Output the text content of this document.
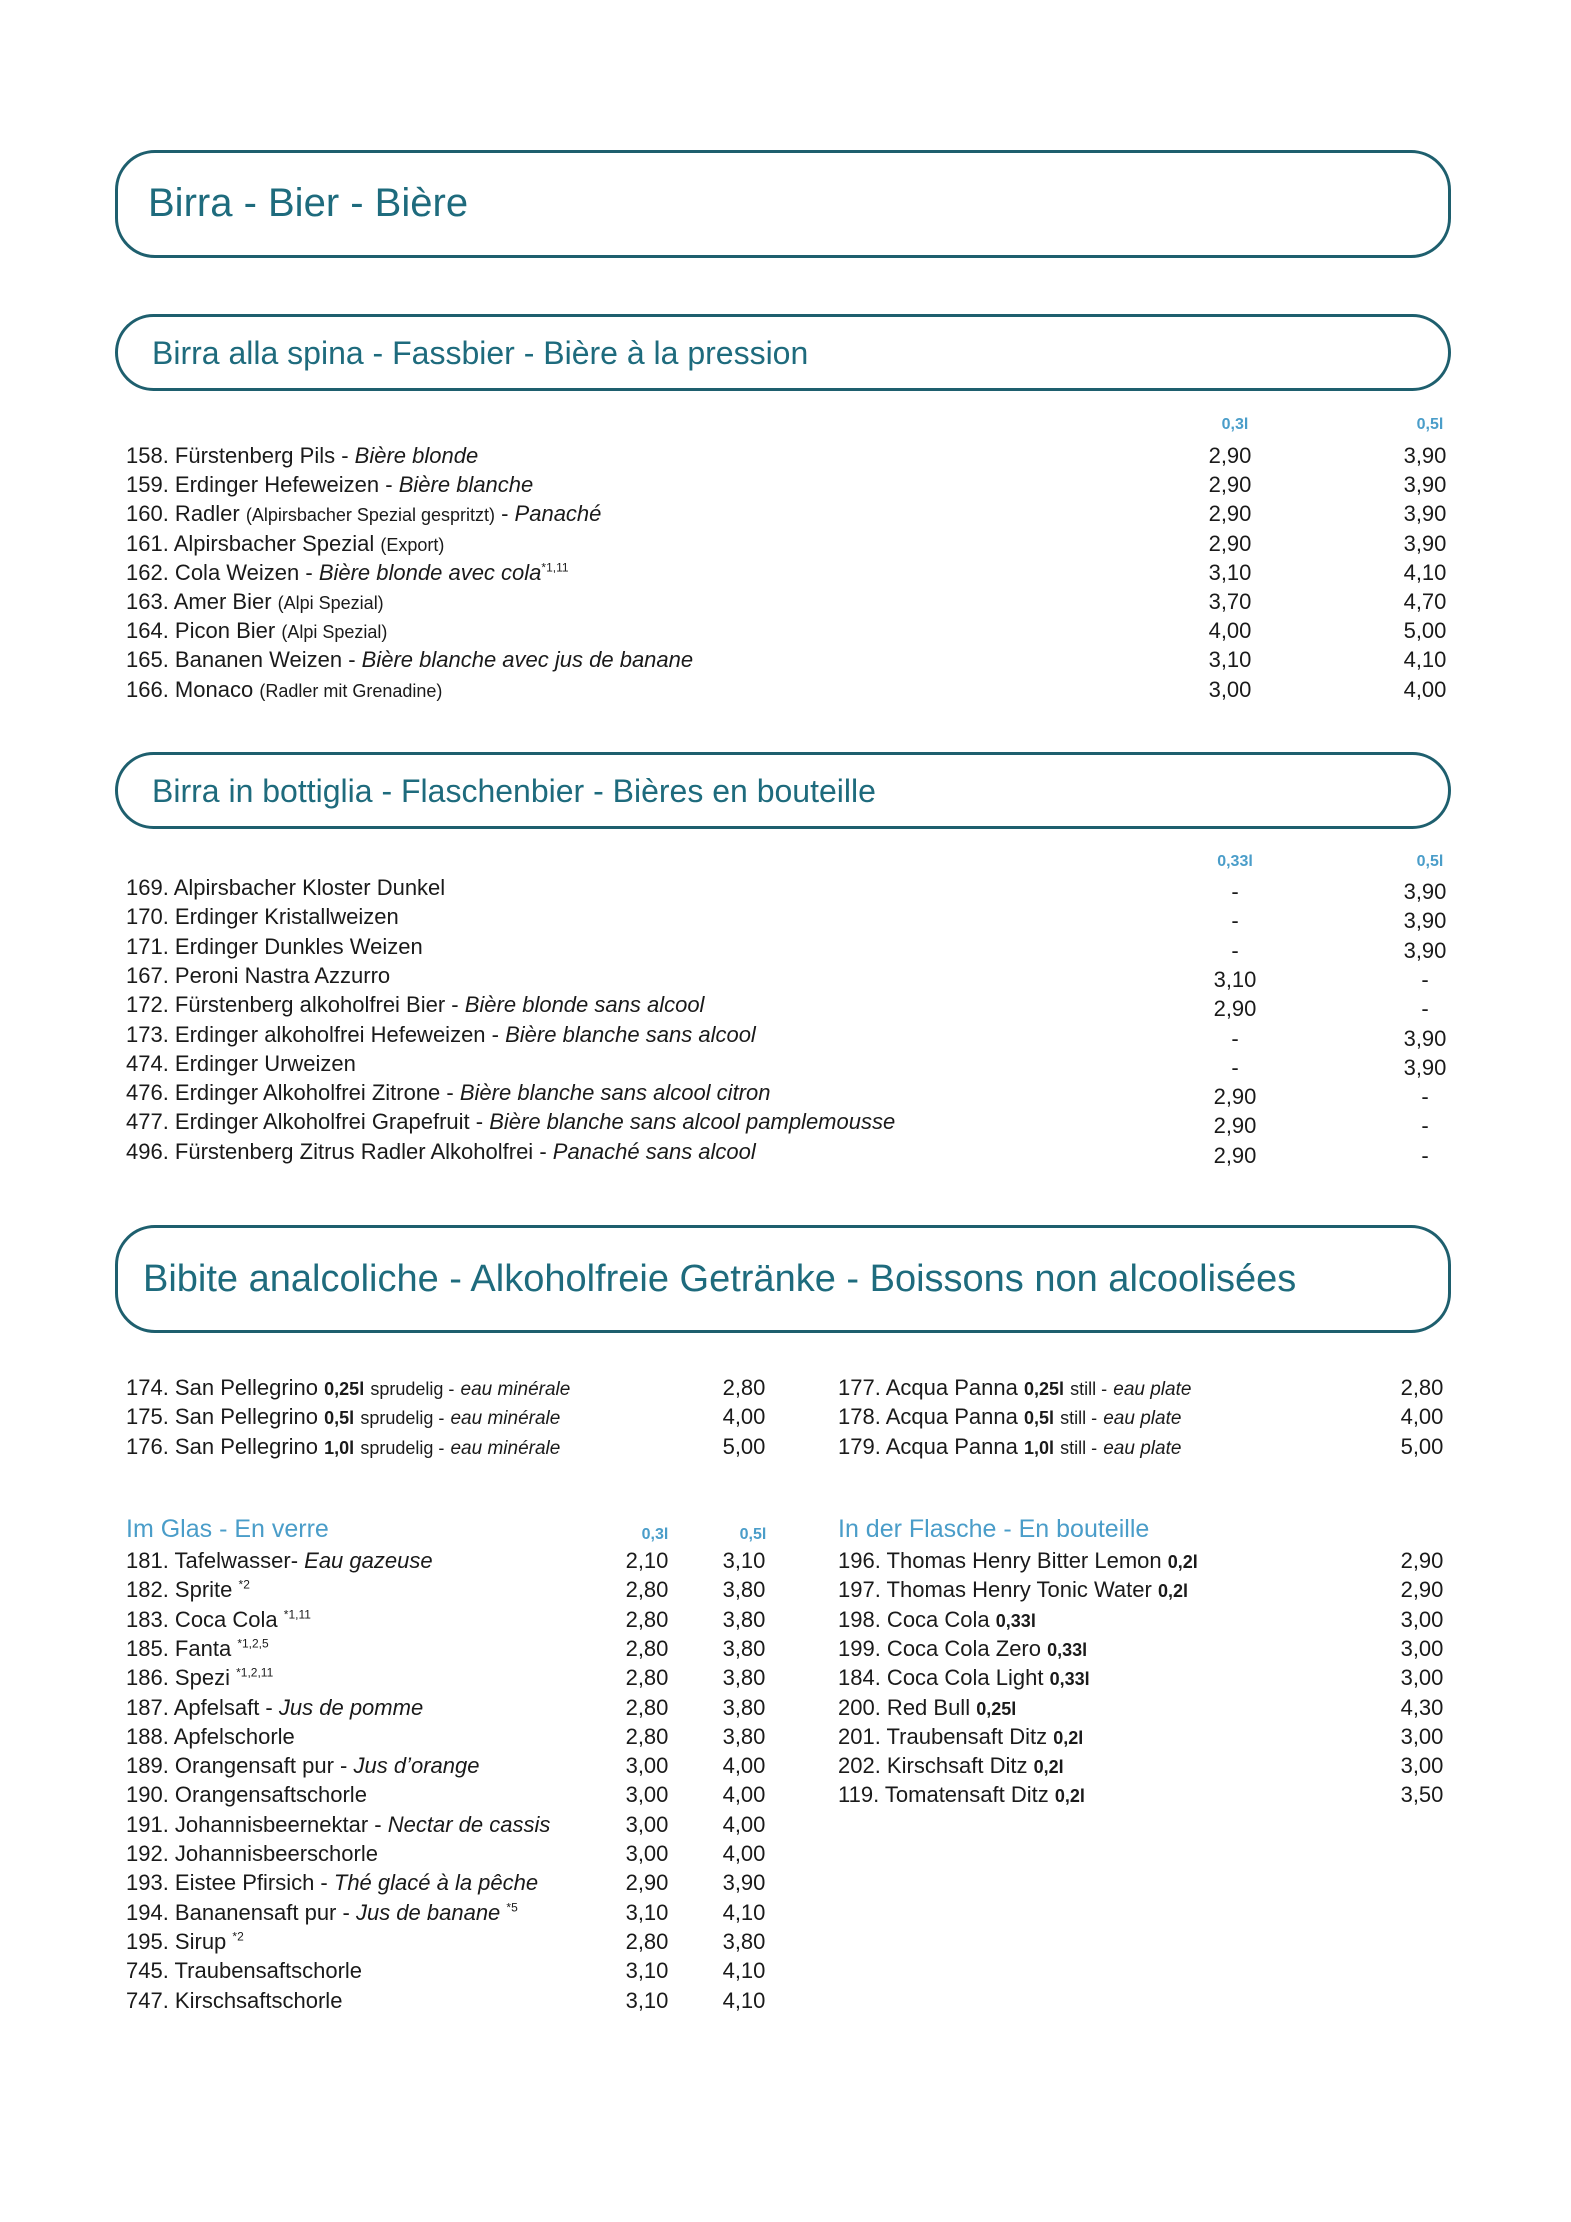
Birra - Bier - Bière
Birra alla spina - Fassbier - Bière à la pression
Birra in bottiglia - Flaschenbier - Bières en bouteille
Bibite analcoliche - Alkoholfreie Getränke - Boissons non alcoolisées
0,3l	0,5l
158. Fürstenberg Pils - Bière blonde	2,90	3,90
159. Erdinger Hefeweizen - Bière blanche	2,90	3,90
160. Radler (Alpirsbacher Spezial gespritzt) - Panaché	2,90	3,90
161. Alpirsbacher Spezial (Export)	2,90	3,90
162. Cola Weizen - Bière blonde avec cola$^{*1,11}$	3,10	4,10
163. Amer Bier (Alpi Spezial)	3,70	4,70
164. Picon Bier (Alpi Spezial)	4,00	5,00
165. Bananen Weizen - Bière blanche avec jus de banane	3,10	4,10
166. Monaco (Radler mit Grenadine)	3,00	4,00
0,33l	0,5l
169. Alpirsbacher Kloster Dunkel	-	3,90
170. Erdinger Kristallweizen	-	3,90
171. Erdinger Dunkles Weizen	-	3,90
167. Peroni Nastra Azzurro	3,10	-
172. Fürstenberg alkoholfrei Bier - Bière blonde sans alcool	2,90	-
173. Erdinger alkoholfrei Hefeweizen - Bière blanche sans alcool	-	3,90
474. Erdinger Urweizen	-	3,90
476. Erdinger Alkoholfrei Zitrone - Bière blanche sans alcool citron	2,90	-
477. Erdinger Alkoholfrei Grapefruit - Bière blanche sans alcool pamplemousse	2,90	-
496. Fürstenberg Zitrus Radler Alkoholfrei - Panaché sans alcool	2,90	-
174. San Pellegrino 0,25l sprudelig - eau minérale	2,80
175. San Pellegrino 0,5l sprudelig - eau minérale	4,00
176. San Pellegrino 1,0l sprudelig - eau minérale	5,00
177. Acqua Panna 0,25l still - eau plate	2,80
178. Acqua Panna 0,5l still - eau plate	4,00
179. Acqua Panna 1,0l still - eau plate	5,00
Im Glas - En verre	0,3l	0,5l
181. Tafelwasser- Eau gazeuse	2,10	3,10
182. Sprite $^{*2}$	2,80	3,80
183. Coca Cola $^{*1,11}$	2,80	3,80
185. Fanta $^{*1,2,5}$	2,80	3,80
186. Spezi $^{*1,2,11}$	2,80	3,80
187. Apfelsaft - Jus de pomme	2,80	3,80
188. Apfelschorle	2,80	3,80
189. Orangensaft pur - Jus d’orange	3,00	4,00
190. Orangensaftschorle	3,00	4,00
191. Johannisbeernektar - Nectar de cassis	3,00	4,00
192. Johannisbeerschorle	3,00	4,00
193. Eistee Pfirsich - Thé glacé à la pêche	2,90	3,90
194. Bananensaft pur - Jus de banane $^{*5}$	3,10	4,10
195. Sirup $^{*2}$	2,80	3,80
745. Traubensaftschorle	3,10	4,10
747. Kirschsaftschorle	3,10	4,10
In der Flasche - En bouteille
196. Thomas Henry Bitter Lemon 0,2l	2,90
197. Thomas Henry Tonic Water 0,2l	2,90
198. Coca Cola 0,33l	3,00
199. Coca Cola Zero 0,33l	3,00
184. Coca Cola Light 0,33l	3,00
200. Red Bull 0,25l	4,30
201. Traubensaft Ditz 0,2l	3,00
202. Kirschsaft Ditz 0,2l	3,00
119. Tomatensaft Ditz 0,2l	3,50
